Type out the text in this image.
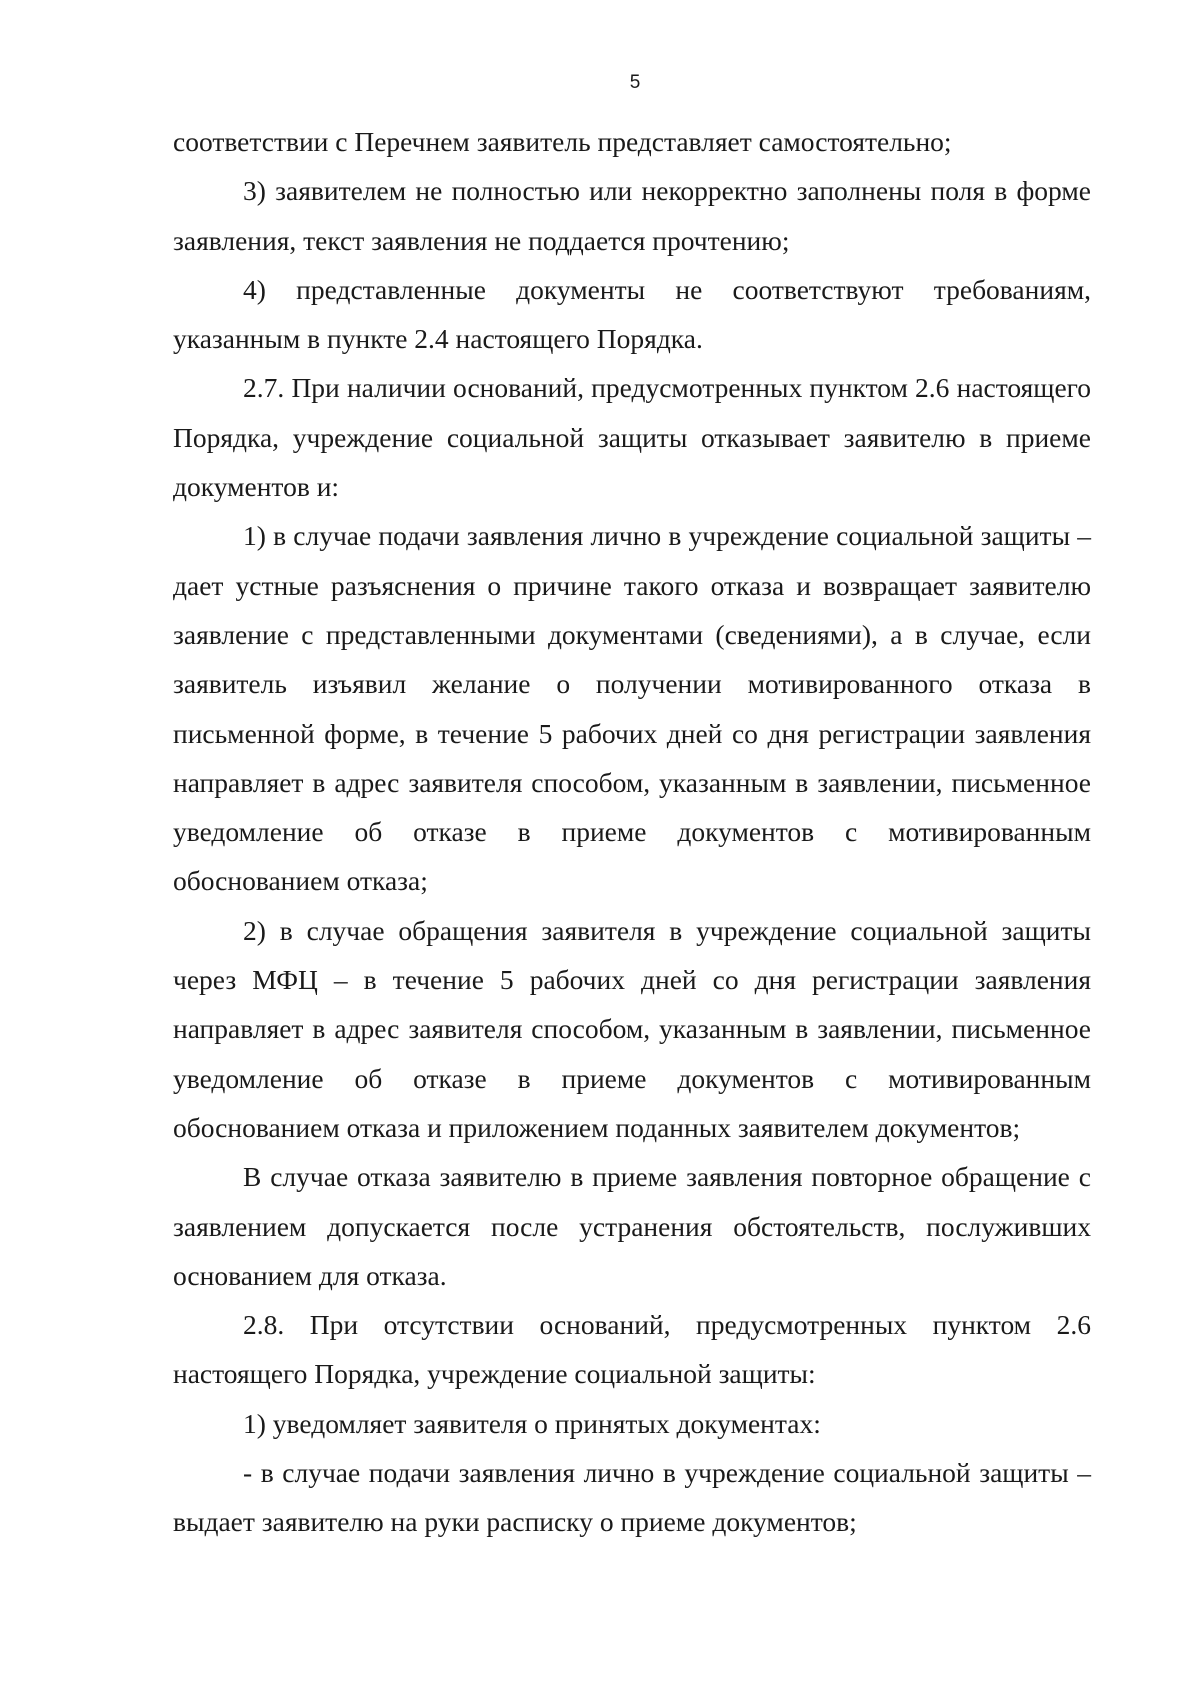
5

соответствии с Перечнем заявитель представляет самостоятельно;

3) заявителем не полностью или некорректно заполнены поля в форме заявления, текст заявления не поддается прочтению;

4) представленные документы не соответствуют требованиям, указанным в пункте 2.4 настоящего Порядка.

2.7. При наличии оснований, предусмотренных пунктом 2.6 настоящего Порядка, учреждение социальной защиты отказывает заявителю в приеме документов и:

1) в случае подачи заявления лично в учреждение социальной защиты – дает устные разъяснения о причине такого отказа и возвращает заявителю заявление с представленными документами (сведениями), а в случае, если заявитель изъявил желание о получении мотивированного отказа в письменной форме, в течение 5 рабочих дней со дня регистрации заявления направляет в адрес заявителя способом, указанным в заявлении, письменное уведомление об отказе в приеме документов с мотивированным обоснованием отказа;

2) в случае обращения заявителя в учреждение социальной защиты через МФЦ – в течение 5 рабочих дней со дня регистрации заявления направляет в адрес заявителя способом, указанным в заявлении, письменное уведомление об отказе в приеме документов с мотивированным обоснованием отказа и приложением поданных заявителем документов;

В случае отказа заявителю в приеме заявления повторное обращение с заявлением допускается после устранения обстоятельств, послуживших основанием для отказа.

2.8. При отсутствии оснований, предусмотренных пунктом 2.6 настоящего Порядка, учреждение социальной защиты:

1) уведомляет заявителя о принятых документах:

- в случае подачи заявления лично в учреждение социальной защиты – выдает заявителю на руки расписку о приеме документов;
